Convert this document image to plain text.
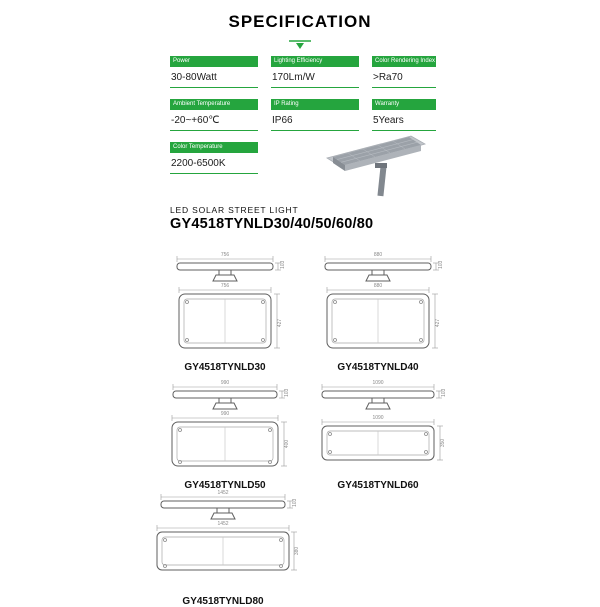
SPECIFICATION
Power
30-80Watt
Lighting Efficiency
170Lm/W
Color Rendering Index
>Ra70
Ambient Temperature
-20~+60℃
IP Rating
IP66
Warranty
5Years
Color Temperature
2200-6500K
LED SOLAR STREET LIGHT
GY4518TYNLD30/40/50/60/80
756
103
756
427
GY4518TYNLD30
880
103
880
427
GY4518TYNLD40
990
103
990
400
GY4518TYNLD50
1090
103
1090
350
GY4518TYNLD60
1452
103
1452
380
GY4518TYNLD80
